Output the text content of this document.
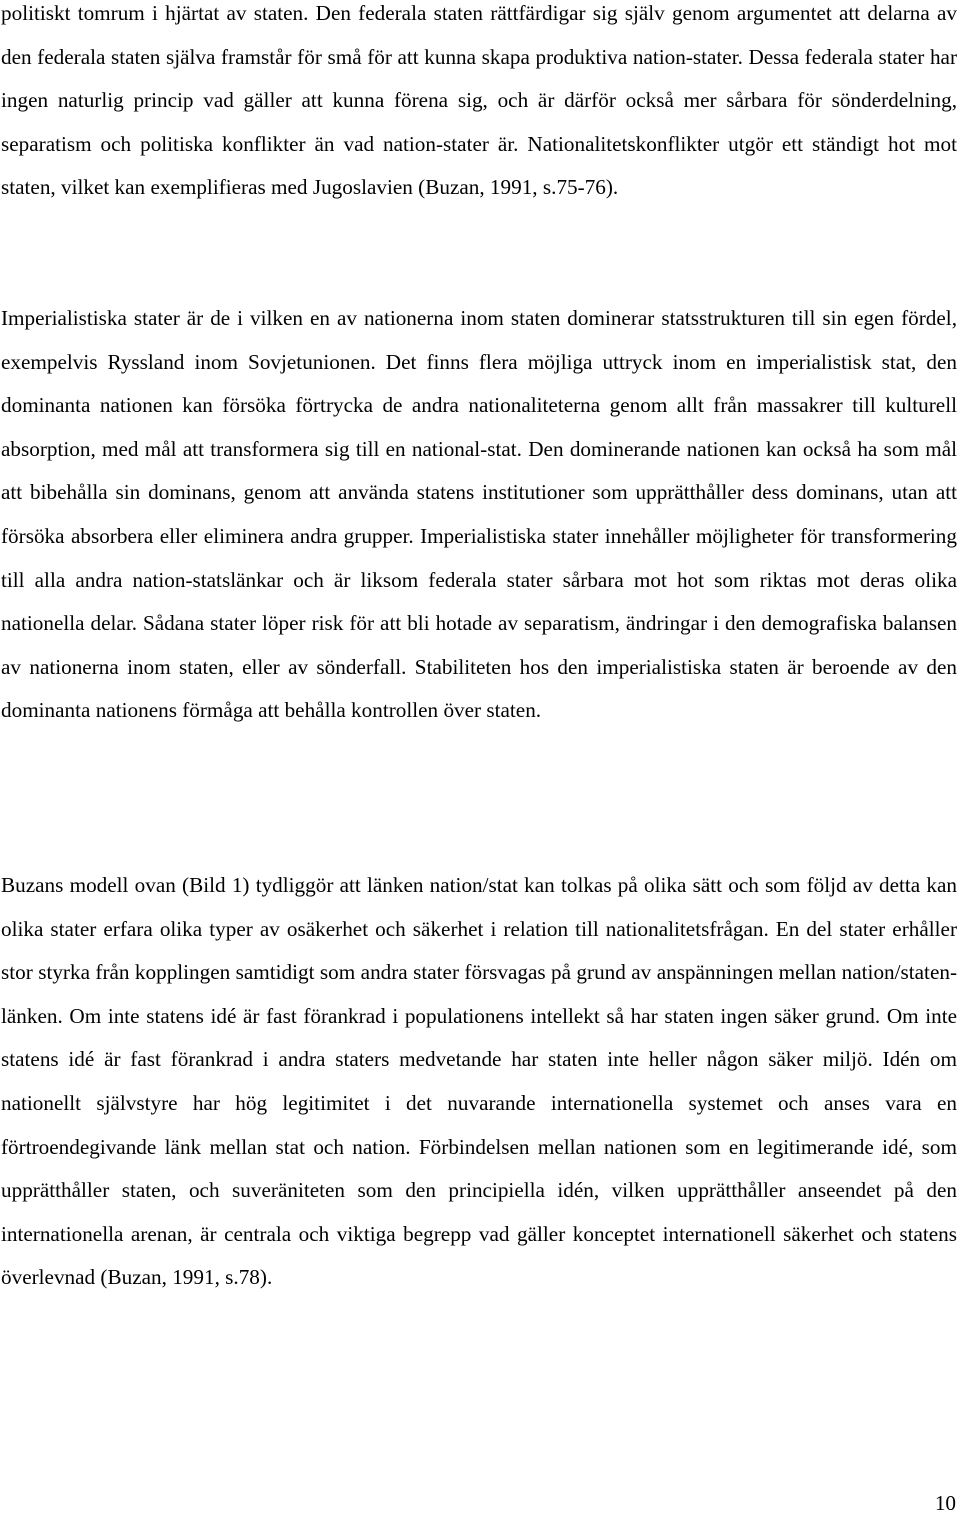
politiskt tomrum i hjärtat av staten. Den federala staten rättfärdigar sig själv genom argumentet att delarna av den federala staten själva framstår för små för att kunna skapa produktiva nation-stater. Dessa federala stater har ingen naturlig princip vad gäller att kunna förena sig, och är därför också mer sårbara för sönderdelning, separatism och politiska konflikter än vad nation-stater är. Nationalitetskonflikter utgör ett ständigt hot mot staten, vilket kan exemplifieras med Jugoslavien (Buzan, 1991, s.75-76).

Imperialistiska stater är de i vilken en av nationerna inom staten dominerar statsstrukturen till sin egen fördel, exempelvis Ryssland inom Sovjetunionen. Det finns flera möjliga uttryck inom en imperialistisk stat, den dominanta nationen kan försöka förtrycka de andra nationaliteterna genom allt från massakrer till kulturell absorption, med mål att transformera sig till en national-stat. Den dominerande nationen kan också ha som mål att bibehålla sin dominans, genom att använda statens institutioner som upprätthåller dess dominans, utan att försöka absorbera eller eliminera andra grupper. Imperialistiska stater innehåller möjligheter för transformering till alla andra nation-statslänkar och är liksom federala stater sårbara mot hot som riktas mot deras olika nationella delar. Sådana stater löper risk för att bli hotade av separatism, ändringar i den demografiska balansen av nationerna inom staten, eller av sönderfall. Stabiliteten hos den imperialistiska staten är beroende av den dominanta nationens förmåga att behålla kontrollen över staten.

Buzans modell ovan (Bild 1) tydliggör att länken nation/stat kan tolkas på olika sätt och som följd av detta kan olika stater erfara olika typer av osäkerhet och säkerhet i relation till nationalitetsfrågan. En del stater erhåller stor styrka från kopplingen samtidigt som andra stater försvagas på grund av anspänningen mellan nation/staten-länken. Om inte statens idé är fast förankrad i populationens intellekt så har staten ingen säker grund. Om inte statens idé är fast förankrad i andra staters medvetande har staten inte heller någon säker miljö. Idén om nationellt självstyre har hög legitimitet i det nuvarande internationella systemet och anses vara en förtroendegivande länk mellan stat och nation. Förbindelsen mellan nationen som en legitimerande idé, som upprätthåller staten, och suveräniteten som den principiella idén, vilken upprätthåller anseendet på den internationella arenan, är centrala och viktiga begrepp vad gäller konceptet internationell säkerhet och statens överlevnad (Buzan, 1991, s.78).

10
